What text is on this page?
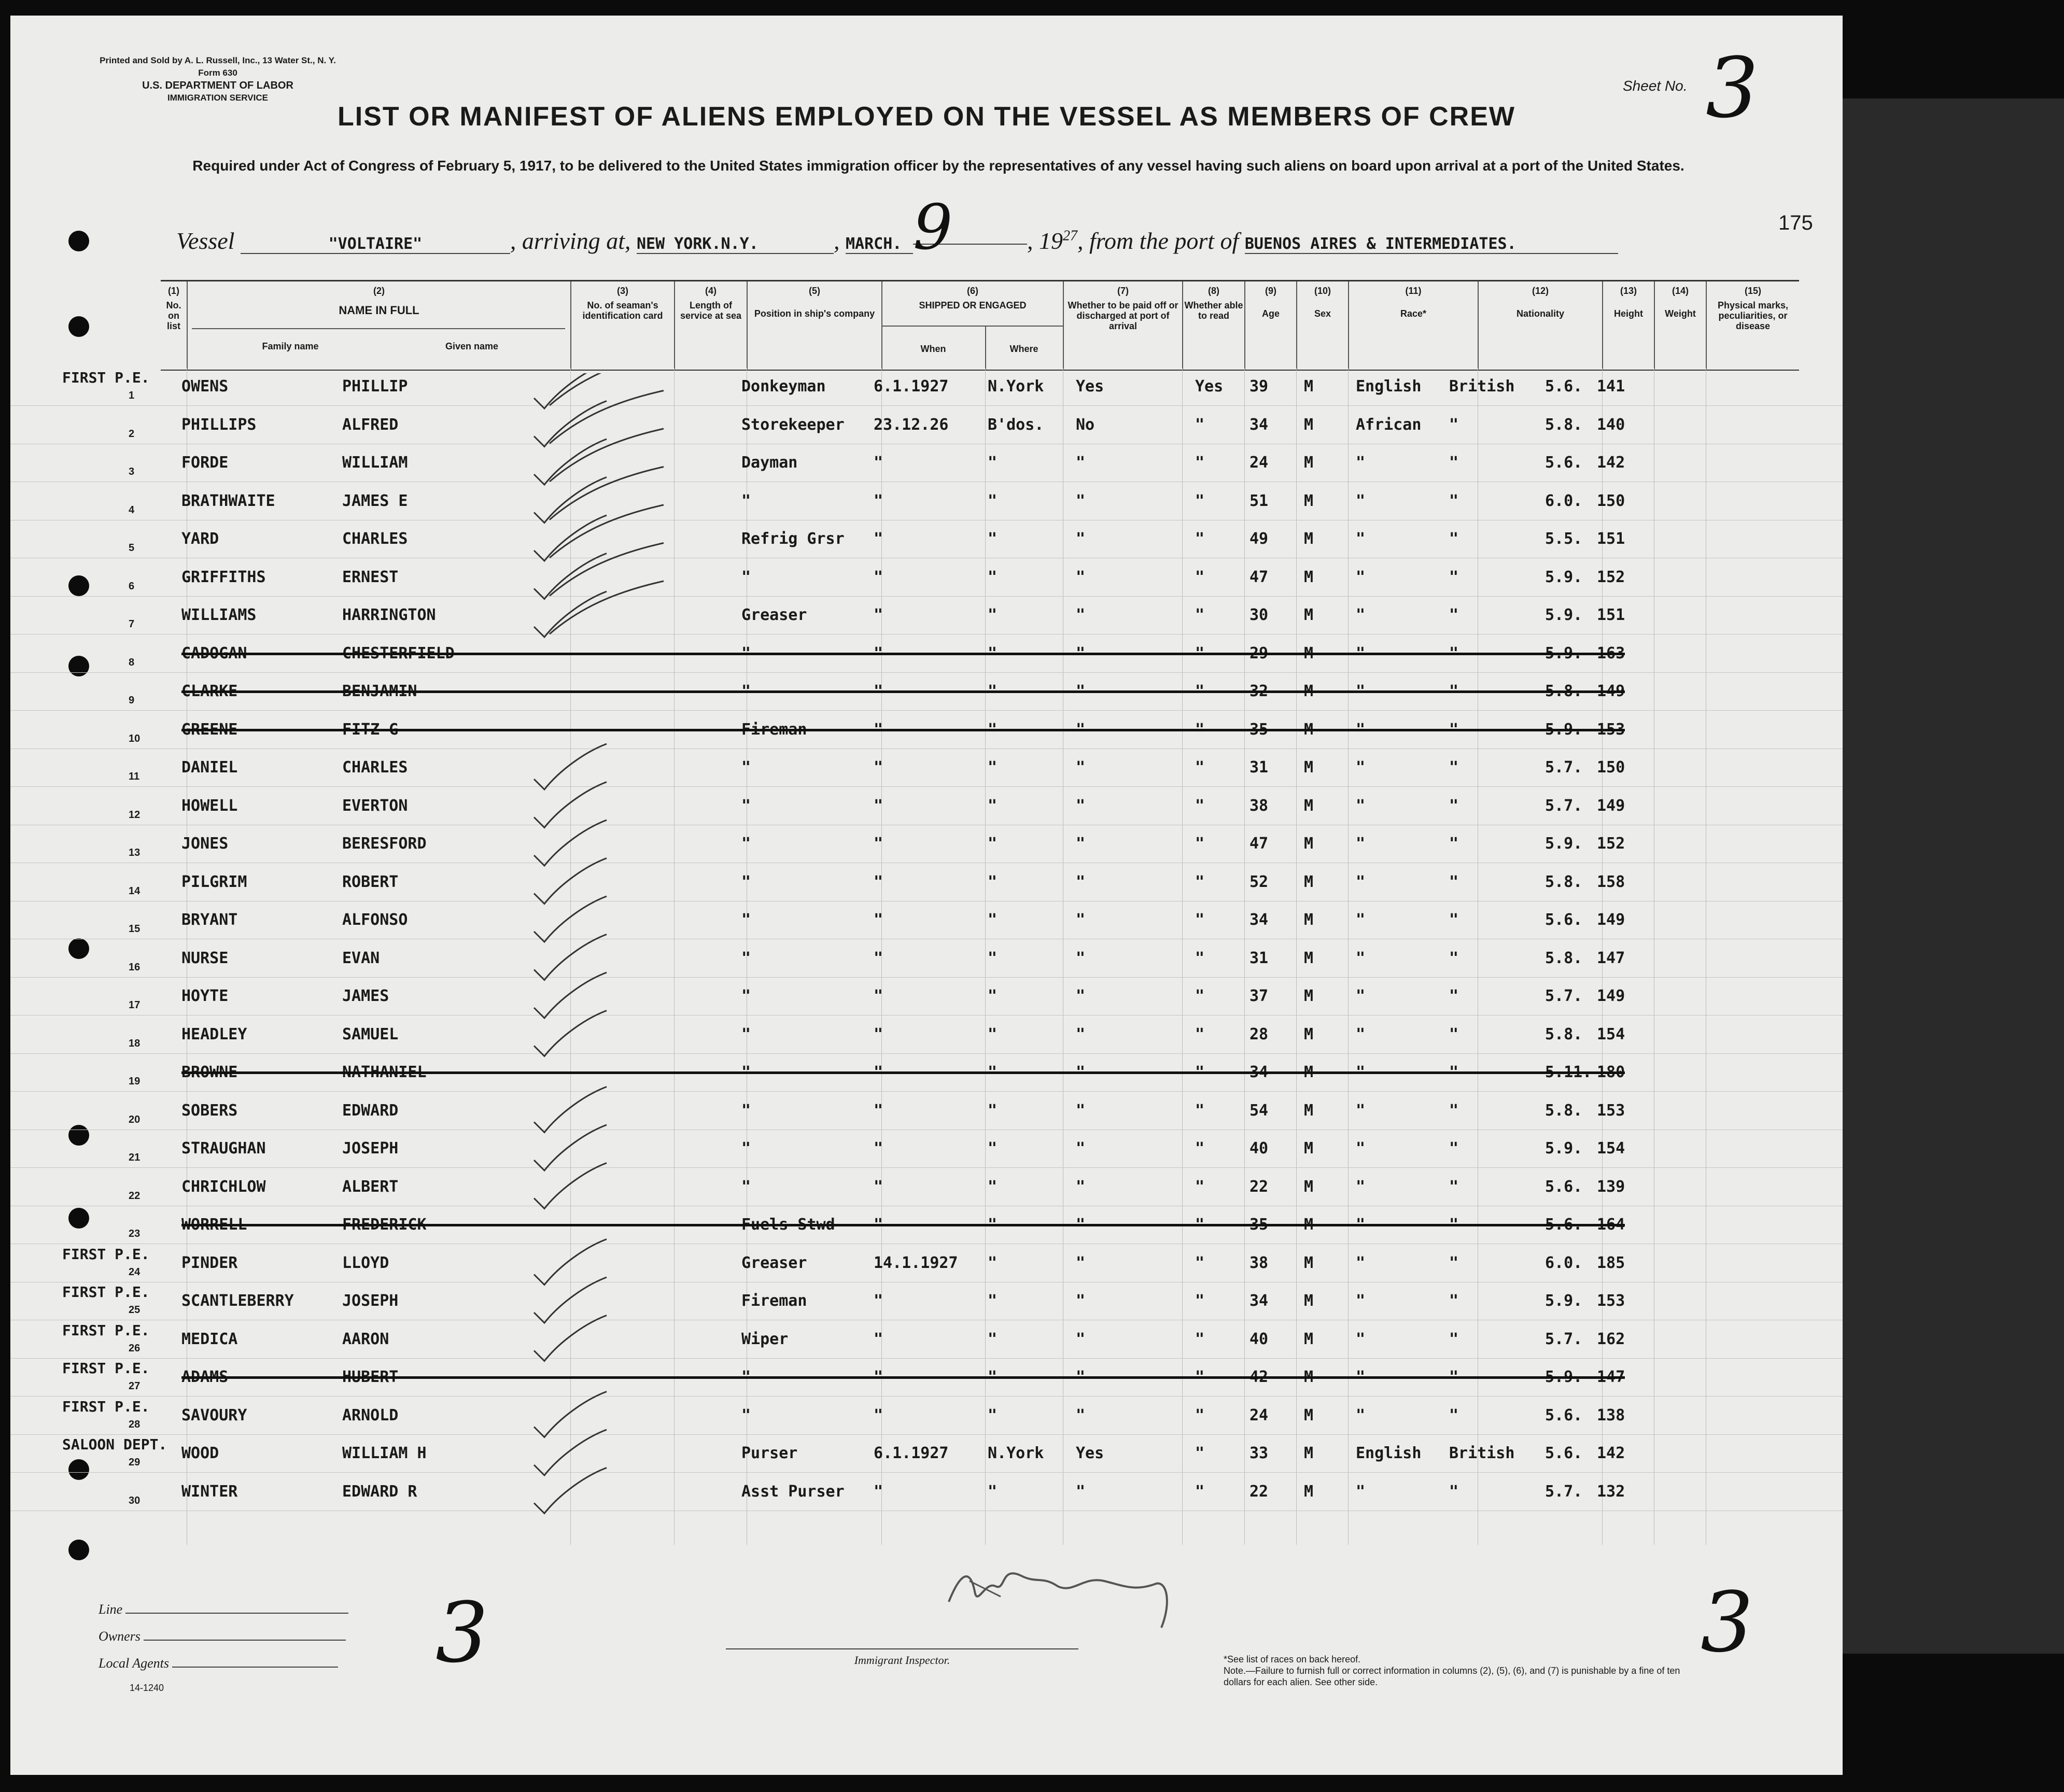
Printed and Sold by A. L. Russell, Inc., 13 Water St., N. Y.
Form 630
U.S. DEPARTMENT OF LABOR
IMMIGRATION SERVICE
Sheet No. 3
LIST OR MANIFEST OF ALIENS EMPLOYED ON THE VESSEL AS MEMBERS OF CREW
Required under Act of Congress of February 5, 1917, to be delivered to the United States immigration officer by the representatives of any vessel having such aliens on board upon arrival at a port of the United States.
Vessel	"VOLTAIRE"	, arriving at, NEW YORK.N.Y.	, MARCH. 9	, $19^{27}$, from the port of BUENOS AIRES & INTERMEDIATES.
175
(1)
No. on list
(2)
NAME IN FULL
Family name	Given name
(3)
No. of seaman's identification card
(4)
Length of service at sea
(5)
Position in ship's company
(6)
SHIPPED OR ENGAGED
When	Where
(7)
Whether to be paid off or discharged at port of arrival
(8)
Whether able to read
(9)
Age
(10)
Sex
(11)
Race*
(12)
Nationality
(13)
Height
(14)
Weight
(15)
Physical marks, peculiarities, or disease
FIRST P.E.
1	OWENS	PHILLIP	Donkeyman	6.1.1927	N.York Yes	Yes 39 M	English British 5.6. 141
2	PHILLIPS	ALFRED	Storekeeper 23.12.26	B'dos. No	"	34 M	African "	5.8. 140
3	FORDE	WILLIAM	Dayman	"	"	"	"	24 M	"	"	5.6. 142
4	BRATHWAITE	JAMES E	"	"	"	"	"	51 M	"	"	6.0. 150
5	YARD	CHARLES	Refrig Grsr "	"	"	"	49 M	"	"	5.5. 151
6	GRIFFITHS	ERNEST	"	"	"	"	"	47 M	"	"	5.9. 152
7	WILLIAMS	HARRINGTON	Greaser	"	"	"	"	30 M	"	"	5.9. 151
8	CADOGAN	CHESTERFIELD	"	"	"	"	"	29 M	"	"	5.9. 163
9	CLARKE	BENJAMIN	"	"	"	"	"	32 M	"	"	5.8. 149
10	GREENE	FITZ G	Fireman	"	"	"	"	35 M	"	"	5.9. 153
11	DANIEL	CHARLES	"	"	"	"	"	31 M	"	"	5.7. 150
12	HOWELL	EVERTON	"	"	"	"	"	38 M	"	"	5.7. 149
13	JONES	BERESFORD	"	"	"	"	"	47 M	"	"	5.9. 152
14	PILGRIM	ROBERT	"	"	"	"	"	52 M	"	"	5.8. 158
15	BRYANT	ALFONSO	"	"	"	"	"	34 M	"	"	5.6. 149
16	NURSE	EVAN	"	"	"	"	"	31 M	"	"	5.8. 147
17	HOYTE	JAMES	"	"	"	"	"	37 M	"	"	5.7. 149
18	HEADLEY	SAMUEL	"	"	"	"	"	28 M	"	"	5.8. 154
19	BROWNE	NATHANIEL	"	"	"	"	"	34 M	"	"	5.11. 180
20	SOBERS	EDWARD	"	"	"	"	"	54 M	"	"	5.8. 153
21	STRAUGHAN	JOSEPH	"	"	"	"	"	40 M	"	"	5.9. 154
22	CHRICHLOW	ALBERT	"	"	"	"	"	22 M	"	"	5.6. 139
23	WORRELL	FREDERICK	Fuels Stwd "	"	"	"	35 M	"	"	5.6. 164
FIRST P.E.
24	PINDER	LLOYD	Greaser	14.1.1927 "	"	"	38 M	"	"	6.0. 185
FIRST P.E.
25	SCANTLEBERRY	JOSEPH	Fireman	"	"	"	"	34 M	"	"	5.9. 153
FIRST P.E.
26	MEDICA	AARON	Wiper	"	"	"	"	40 M	"	"	5.7. 162
FIRST P.E.
27	ADAMS	HUBERT	"	"	"	"	"	42 M	"	"	5.9. 147
FIRST P.E.
28	SAVOURY	ARNOLD	"	"	"	"	"	24 M	"	"	5.6. 138
SALOON DEPT.
29	WOOD	WILLIAM H	Purser	6.1.1927	N.York Yes	"	33 M	English British 5.6. 142
30	WINTER	EDWARD R	Asst Purser "	"	"	"	22 M	"	"	5.7. 132
Line
Owners
Local Agents
14-1240
3	3
Immigrant Inspector.	*See list of races on back hereof.
Note.—Failure to furnish full or correct information in columns (2), (5), (6), and (7) is punishable by a fine of ten dollars for each alien. See other side.
